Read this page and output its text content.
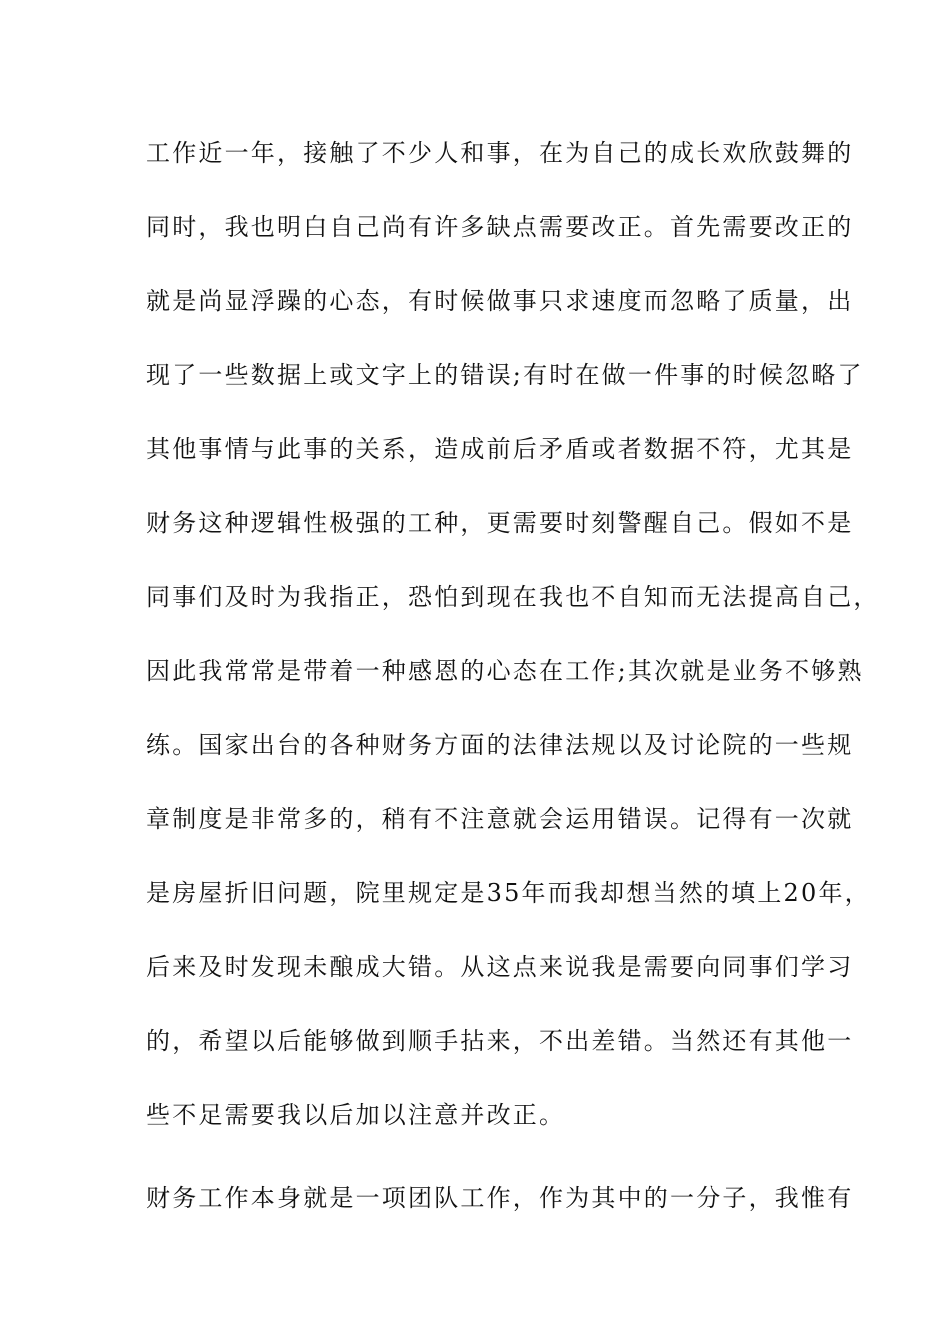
工作近一年，接触了不少人和事，在为自己的成长欢欣鼓舞的
同时，我也明白自己尚有许多缺点需要改正。首先需要改正的
就是尚显浮躁的心态，有时候做事只求速度而忽略了质量，出
现了一些数据上或文字上的错误;有时在做一件事的时候忽略了
其他事情与此事的关系，造成前后矛盾或者数据不符，尤其是
财务这种逻辑性极强的工种，更需要时刻警醒自己。假如不是
同事们及时为我指正，恐怕到现在我也不自知而无法提高自己，
因此我常常是带着一种感恩的心态在工作;其次就是业务不够熟
练。国家出台的各种财务方面的法律法规以及讨论院的一些规
章制度是非常多的，稍有不注意就会运用错误。记得有一次就
是房屋折旧问题，院里规定是35年而我却想当然的填上20年，
后来及时发现未酿成大错。从这点来说我是需要向同事们学习
的，希望以后能够做到顺手拈来，不出差错。当然还有其他一
些不足需要我以后加以注意并改正。
财务工作本身就是一项团队工作，作为其中的一分子，我惟有
